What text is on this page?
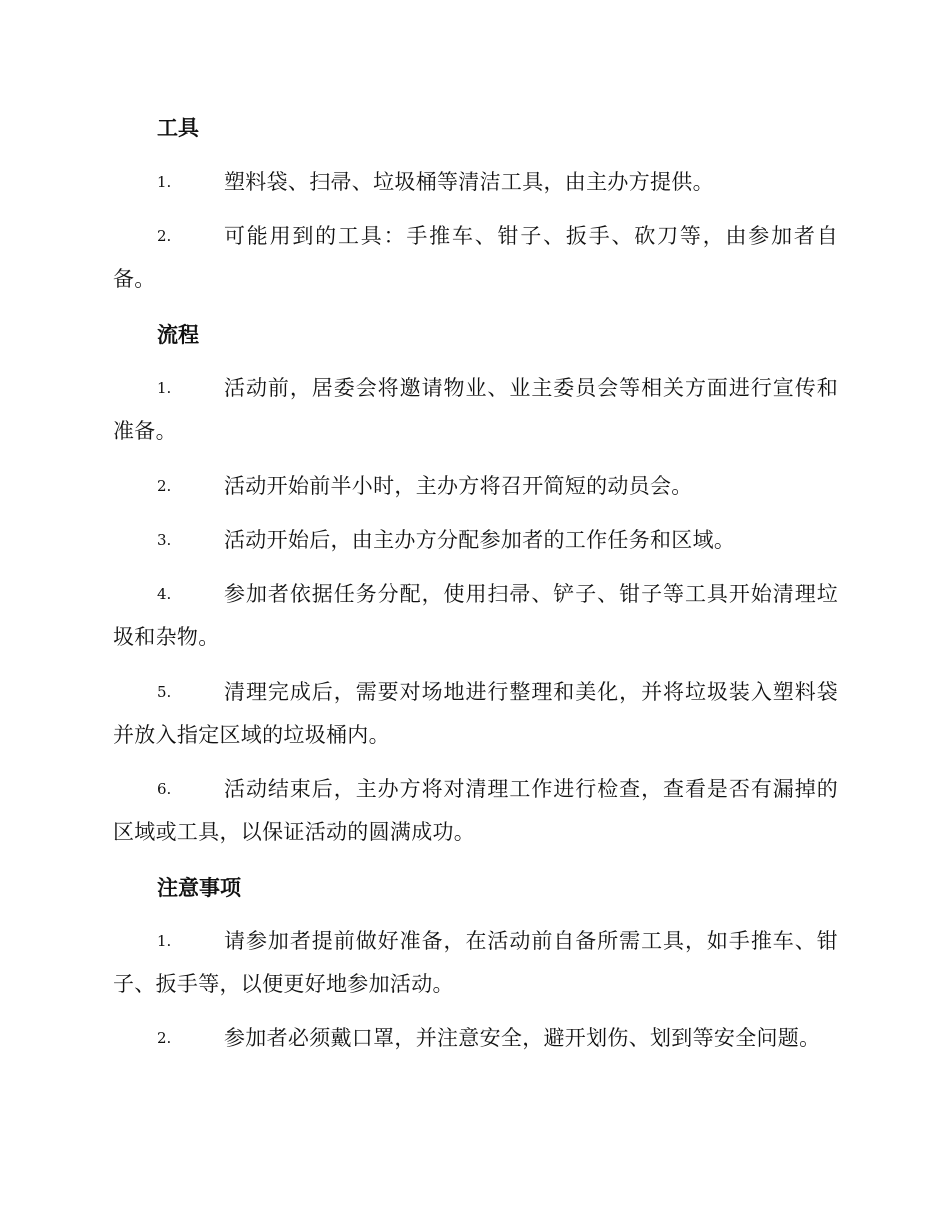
工具
1.	塑料袋、扫帚、垃圾桶等清洁工具，由主办方提供。
2.	可能用到的工具：手推车、钳子、扳手、砍刀等，由参加者自备。
流程
1.	活动前，居委会将邀请物业、业主委员会等相关方面进行宣传和准备。
2.	活动开始前半小时，主办方将召开简短的动员会。
3.	活动开始后，由主办方分配参加者的工作任务和区域。
4.	参加者依据任务分配，使用扫帚、铲子、钳子等工具开始清理垃圾和杂物。
5.	清理完成后，需要对场地进行整理和美化，并将垃圾装入塑料袋并放入指定区域的垃圾桶内。
6.	活动结束后，主办方将对清理工作进行检查，查看是否有漏掉的区域或工具，以保证活动的圆满成功。
注意事项
1.	请参加者提前做好准备，在活动前自备所需工具，如手推车、钳子、扳手等，以便更好地参加活动。
2.	参加者必须戴口罩，并注意安全，避开划伤、划到等安全问题。
